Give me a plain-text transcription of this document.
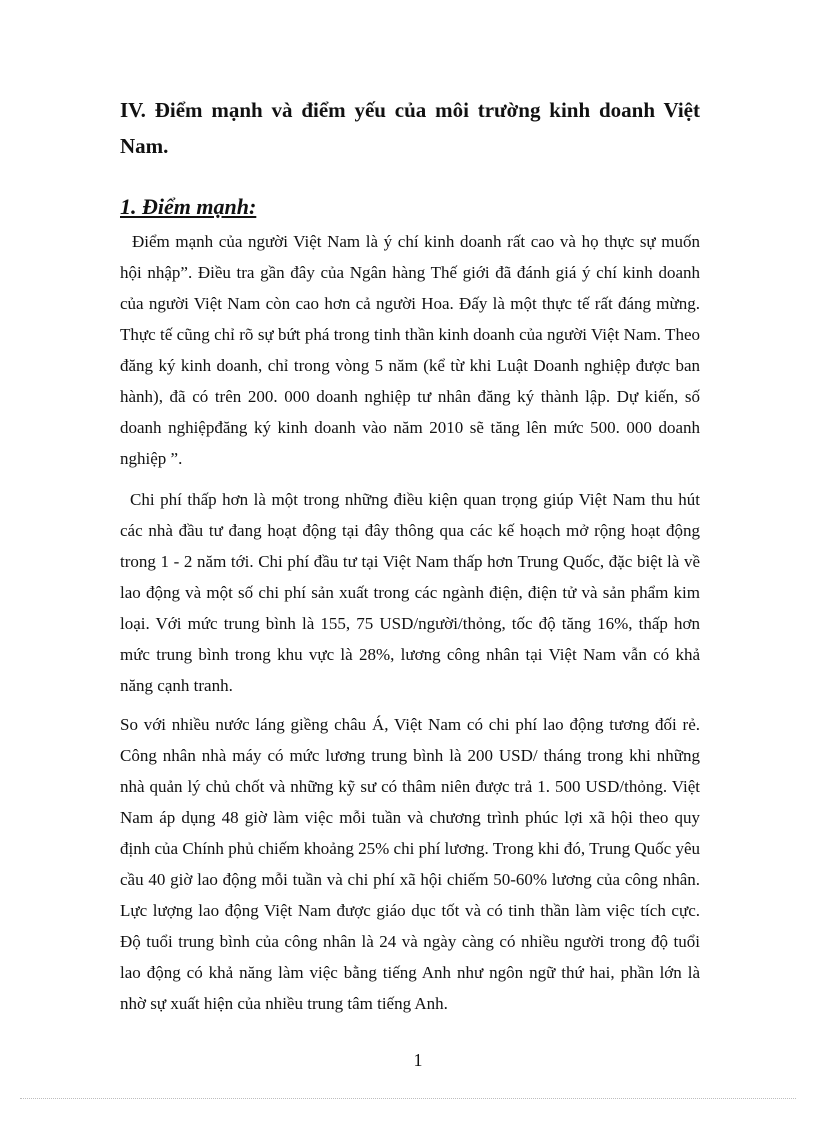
IV. Điểm mạnh và điểm yếu của môi trường kinh doanh Việt Nam.
1. Điểm mạnh:

Điểm mạnh của người Việt Nam là ý chí kinh doanh rất cao và họ thực sự muốn hội nhập”. Điều tra gần đây của Ngân hàng Thế giới đã đánh giá ý chí kinh doanh của người Việt Nam còn cao hơn cả người Hoa. Đấy là một thực tế rất đáng mừng. Thực tế cũng chỉ rõ sự bứt phá trong tinh thần kinh doanh của người Việt Nam. Theo đăng ký kinh doanh, chỉ trong vòng 5 năm (kể từ khi Luật Doanh nghiệp được ban hành), đã có trên 200. 000 doanh nghiệp tư nhân đăng ký thành lập. Dự kiến, số doanh nghiệpđăng ký kinh doanh vào năm 2010 sẽ tăng lên mức 500. 000 doanh nghiệp ”.

Chi phí thấp hơn là một trong những điều kiện quan trọng giúp Việt Nam thu hút các nhà đầu tư đang hoạt động tại đây thông qua các kế hoạch mở rộng hoạt động trong 1 - 2 năm tới. Chi phí đầu tư tại Việt Nam thấp hơn Trung Quốc, đặc biệt là về lao động và một số chi phí sản xuất trong các ngành điện, điện tử và sản phẩm kim loại. Với mức trung bình là 155, 75 USD/người/thỏng, tốc độ tăng 16%, thấp hơn mức trung bình trong khu vực là 28%, lương công nhân tại Việt Nam vẫn có khả năng cạnh tranh.

So với nhiều nước láng giềng châu Á, Việt Nam có chi phí lao động tương đối rẻ. Công nhân nhà máy có mức lương trung bình là 200 USD/ tháng trong khi những nhà quản lý chủ chốt và những kỹ sư có thâm niên được trả 1. 500 USD/thỏng. Việt Nam áp dụng 48 giờ làm việc mỗi tuần và chương trình phúc lợi xã hội theo quy định của Chính phủ chiếm khoảng 25% chi phí lương. Trong khi đó, Trung Quốc yêu cầu 40 giờ lao động mỗi tuần và chi phí xã hội chiếm 50-60% lương của công nhân. Lực lượng lao động Việt Nam được giáo dục tốt và có tinh thần làm việc tích cực. Độ tuổi trung bình của công nhân là 24 và ngày càng có nhiều người trong độ tuổi lao động có khả năng làm việc bằng tiếng Anh như ngôn ngữ thứ hai, phần lớn là nhờ sự xuất hiện của nhiều trung tâm tiếng Anh.

1
